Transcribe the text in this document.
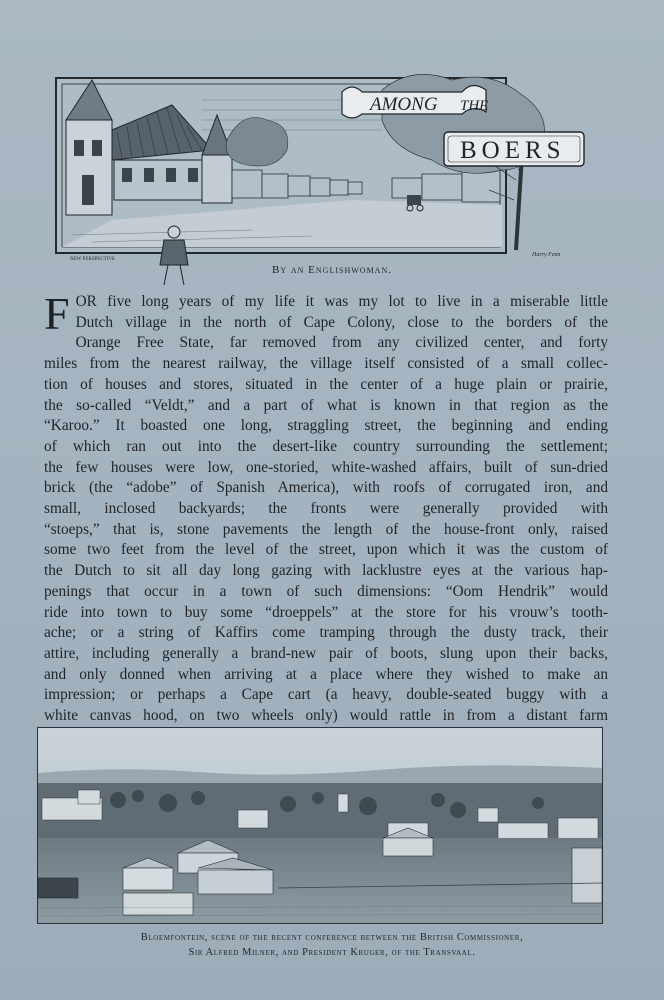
AMONG THE
BOERS
NEW PERSPECTIVE
Harry Fenn
By an Englishwoman.
F OR five long years of my life it was my lot to live in a miserable little
Dutch village in the north of Cape Colony, close to the borders of the
Orange Free State, far removed from any civilized center, and forty
miles from the nearest railway, the village itself consisted of a small collec-
tion of houses and stores, situated in the center of a huge plain or prairie,
the so-called “Veldt,” and a part of what is known in that region as the
“Karoo.” It boasted one long, straggling street, the beginning and ending
of which ran out into the desert-like country surrounding the settlement;
the few houses were low, one-storied, white-washed affairs, built of sun-dried
brick (the “adobe” of Spanish America), with roofs of corrugated iron, and
small, inclosed backyards; the fronts were generally provided with
“stoeps,” that is, stone pavements the length of the house-front only, raised
some two feet from the level of the street, upon which it was the custom of
the Dutch to sit all day long gazing with lacklustre eyes at the various hap-
penings that occur in a town of such dimensions: “Oom Hendrik” would
ride into town to buy some “droeppels” at the store for his vrouw’s tooth-
ache; or a string of Kaffirs come tramping through the dusty track, their
attire, including generally a brand-new pair of boots, slung upon their backs,
and only donned when arriving at a place where they wished to make an
impression; or perhaps a Cape cart (a heavy, double-seated buggy with a
white canvas hood, on two wheels only) would rattle in from a distant farm
Bloemfontein, scene of the recent conference between the British Commissioner,
Sir Alfred Milner, and President Kruger, of the Transvaal.
